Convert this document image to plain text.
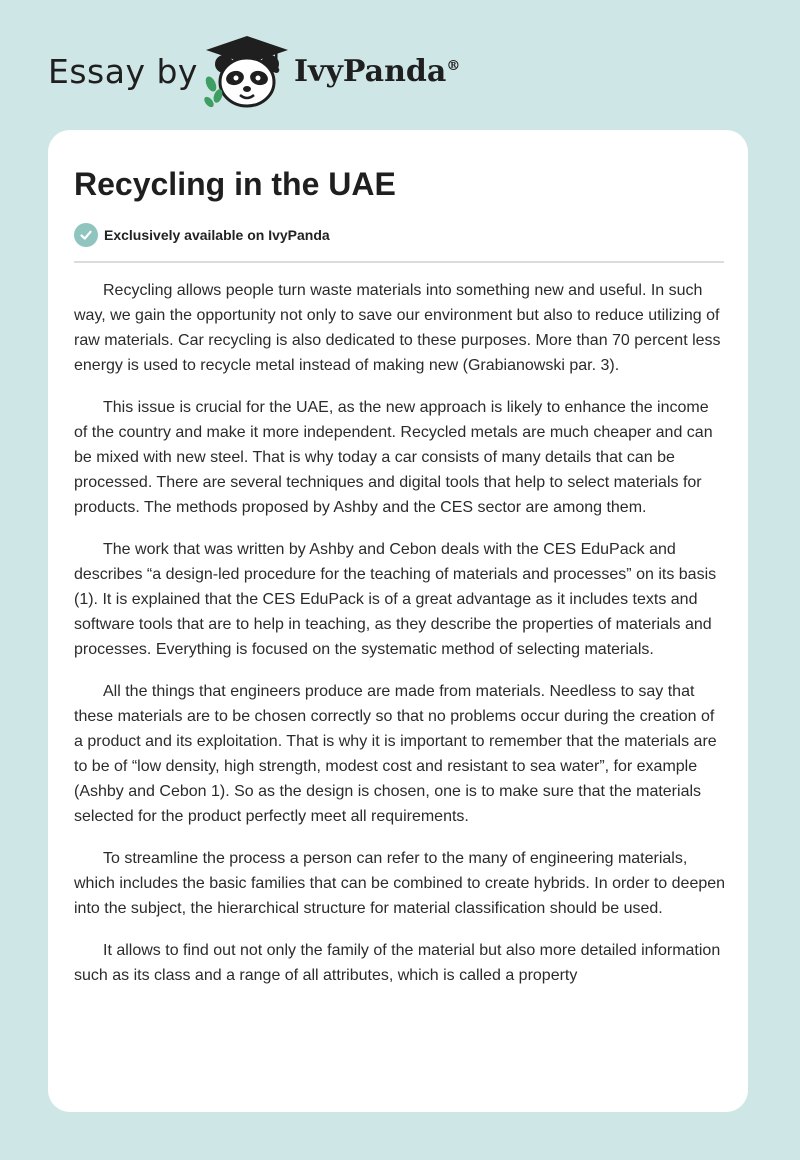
Essay by	IvyPanda®
Recycling in the UAE
Exclusively available on IvyPanda

Recycling allows people turn waste materials into something new and useful. In such way, we gain the opportunity not only to save our environment but also to reduce utilizing of raw materials. Car recycling is also dedicated to these purposes. More than 70 percent less energy is used to recycle metal instead of making new (Grabianowski par. 3).

This issue is crucial for the UAE, as the new approach is likely to enhance the income of the country and make it more independent. Recycled metals are much cheaper and can be mixed with new steel. That is why today a car consists of many details that can be processed. There are several techniques and digital tools that help to select materials for products. The methods proposed by Ashby and the CES sector are among them.

The work that was written by Ashby and Cebon deals with the CES EduPack and describes “a design-led procedure for the teaching of materials and processes” on its basis (1). It is explained that the CES EduPack is of a great advantage as it includes texts and software tools that are to help in teaching, as they describe the properties of materials and processes. Everything is focused on the systematic method of selecting materials.

All the things that engineers produce are made from materials. Needless to say that these materials are to be chosen correctly so that no problems occur during the creation of a product and its exploitation. That is why it is important to remember that the materials are to be of “low density, high strength, modest cost and resistant to sea water”, for example (Ashby and Cebon 1). So as the design is chosen, one is to make sure that the materials selected for the product perfectly meet all requirements.

To streamline the process a person can refer to the many of engineering materials, which includes the basic families that can be combined to create hybrids. In order to deepen into the subject, the hierarchical structure for material classification should be used.

It allows to find out not only the family of the material but also more detailed information such as its class and a range of all attributes, which is called a property
